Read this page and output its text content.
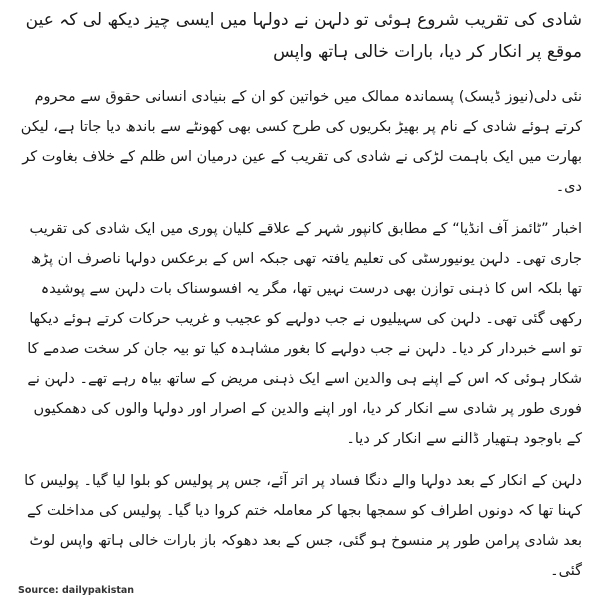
شادی کی تقریب شروع ہوئی تو دلہن نے دولہا میں ایسی چیز دیکھ لی کہ عین موقع پر انکار کر دیا، بارات خالی ہاتھ واپس

نئی دلی(نیوز ڈیسک) پسماندہ ممالک میں خواتین کو ان کے بنیادی انسانی حقوق سے محروم کرتے ہوئے شادی کے نام پر بھیڑ بکریوں کی طرح کسی بھی کھونٹے سے باندھ دیا جاتا ہے، لیکن بھارت میں ایک باہمت لڑکی نے شادی کی تقریب کے عین درمیان اس ظلم کے خلاف بغاوت کر دی۔

اخبار ”ٹائمز آف انڈیا“ کے مطابق کانپور شہر کے علاقے کلیان پوری میں ایک شادی کی تقریب جاری تھی۔ دلہن یونیورسٹی کی تعلیم یافتہ تھی جبکہ اس کے برعکس دولہا ناصرف ان پڑھ تھا بلکہ اس کا ذہنی توازن بھی درست نہیں تھا، مگر یہ افسوسناک بات دلہن سے پوشیدہ رکھی گئی تھی۔ دلہن کی سہیلیوں نے جب دولہے کو عجیب و غریب حرکات کرتے ہوئے دیکھا تو اسے خبردار کر دیا۔ دلہن نے جب دولہے کا بغور مشاہدہ کیا تو بیہ جان کر سخت صدمے کا شکار ہوئی کہ اس کے اپنے ہی والدین اسے ایک ذہنی مریض کے ساتھ بیاہ رہے تھے۔ دلہن نے فوری طور پر شادی سے انکار کر دیا، اور اپنے والدین کے اصرار اور دولہا والوں کی دھمکیوں کے باوجود ہتھیار ڈالنے سے انکار کر دیا۔

دلہن کے انکار کے بعد دولہا والے دنگا فساد پر اتر آئے، جس پر پولیس کو بلوا لیا گیا۔ پولیس کا کہنا تھا کہ دونوں اطراف کو سمجھا بجھا کر معاملہ ختم کروا دیا گیا۔ پولیس کی مداخلت کے بعد شادی پرامن طور پر منسوخ ہو گئی، جس کے بعد دھوکہ باز بارات خالی ہاتھ واپس لوٹ گئی۔

Source: dailypakistan
